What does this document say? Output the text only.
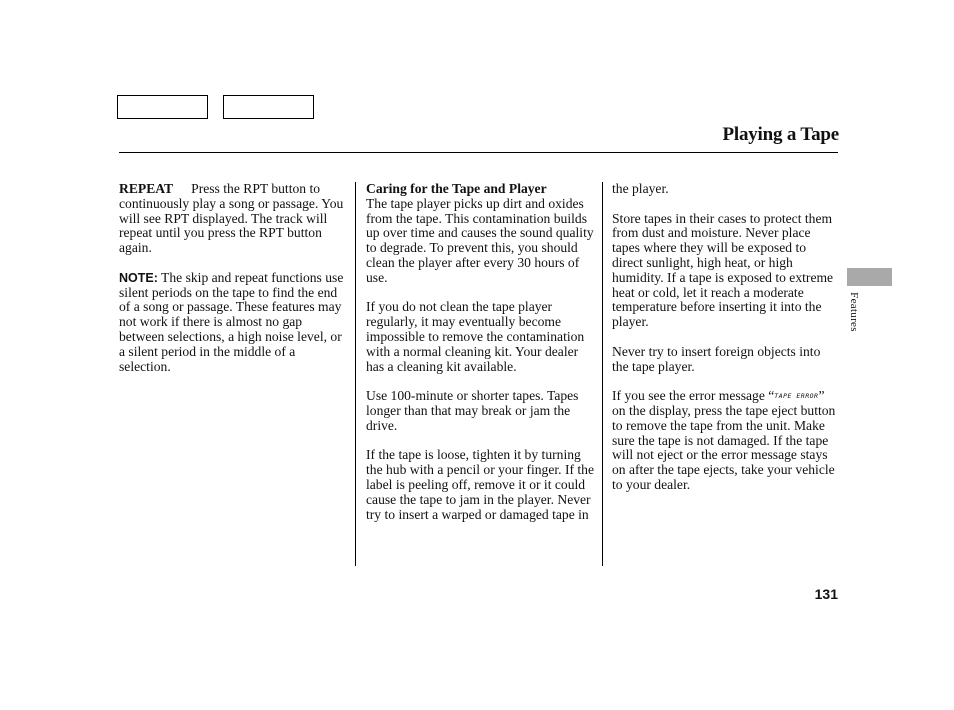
Playing a Tape

REPEAT Press the RPT button to continuously play a song or passage. You will see RPT displayed. The track will repeat until you press the RPT button again.

NOTE: The skip and repeat functions use silent periods on the tape to find the end of a song or passage. These features may not work if there is almost no gap between selections, a high noise level, or a silent period in the middle of a selection.

Caring for the Tape and Player

The tape player picks up dirt and oxides from the tape. This contamination builds up over time and causes the sound quality to degrade. To prevent this, you should clean the player after every 30 hours of use.

If you do not clean the tape player regularly, it may eventually become impossible to remove the contamination with a normal cleaning kit. Your dealer has a cleaning kit available.

Use 100-minute or shorter tapes. Tapes longer than that may break or jam the drive.

If the tape is loose, tighten it by turning the hub with a pencil or your finger. If the label is peeling off, remove it or it could cause the tape to jam in the player. Never try to insert a warped or damaged tape in

the player.

Store tapes in their cases to protect them from dust and moisture. Never place tapes where they will be exposed to direct sunlight, high heat, or high humidity. If a tape is exposed to extreme heat or cold, let it reach a moderate temperature before inserting it into the player.

Never try to insert foreign objects into the tape player.

If you see the error message “TAPE ERROR” on the display, press the tape eject button to remove the tape from the unit. Make sure the tape is not damaged. If the tape will not eject or the error message stays on after the tape ejects, take your vehicle to your dealer.

Features
131
